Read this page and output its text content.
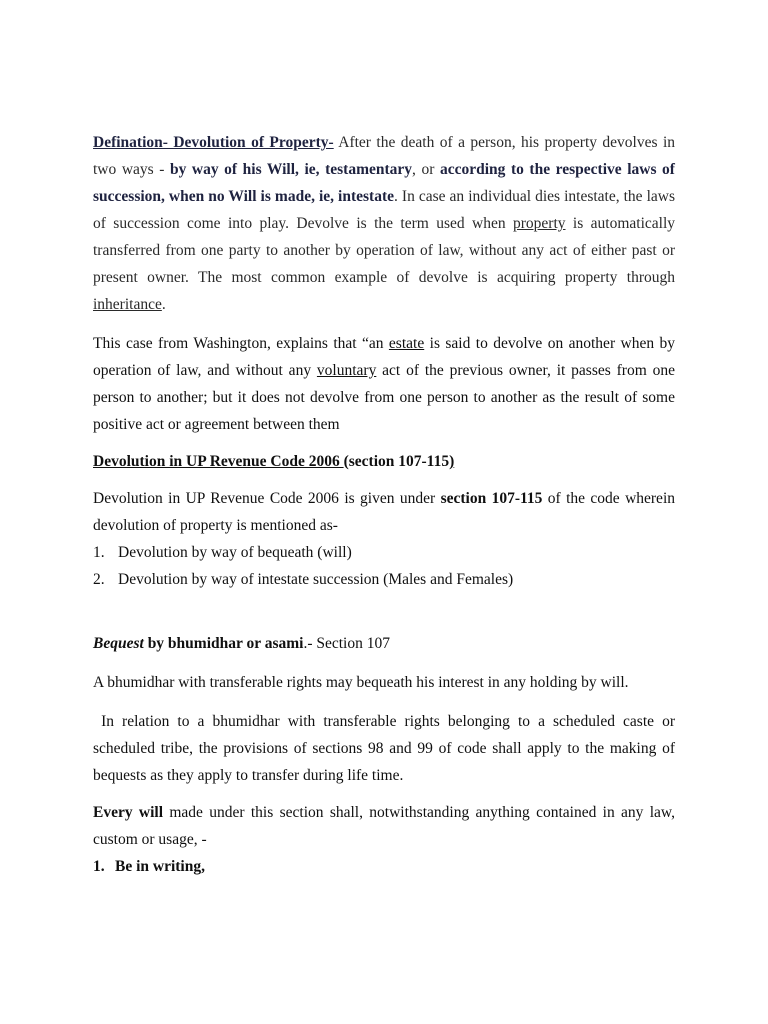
Defination- Devolution of Property- After the death of a person, his property devolves in two ways - by way of his Will, ie, testamentary, or according to the respective laws of succession, when no Will is made, ie, intestate. In case an individual dies intestate, the laws of succession come into play. Devolve is the term used when property is automatically transferred from one party to another by operation of law, without any act of either past or present owner. The most common example of devolve is acquiring property through inheritance.

This case from Washington, explains that “an estate is said to devolve on another when by operation of law, and without any voluntary act of the previous owner, it passes from one person to another; but it does not devolve from one person to another as the result of some positive act or agreement between them

Devolution in UP Revenue Code 2006 (section 107-115)

Devolution in UP Revenue Code 2006 is given under section 107-115 of the code wherein devolution of property is mentioned as-

1. Devolution by way of bequeath (will)
2. Devolution by way of intestate succession (Males and Females)

Bequest by bhumidhar or asami.- Section 107

A bhumidhar with transferable rights may bequeath his interest in any holding by will.

In relation to a bhumidhar with transferable rights belonging to a scheduled caste or scheduled tribe, the provisions of sections 98 and 99 of code shall apply to the making of bequests as they apply to transfer during life time.

Every will made under this section shall, notwithstanding anything contained in any law, custom or usage, -

1. Be in writing,
